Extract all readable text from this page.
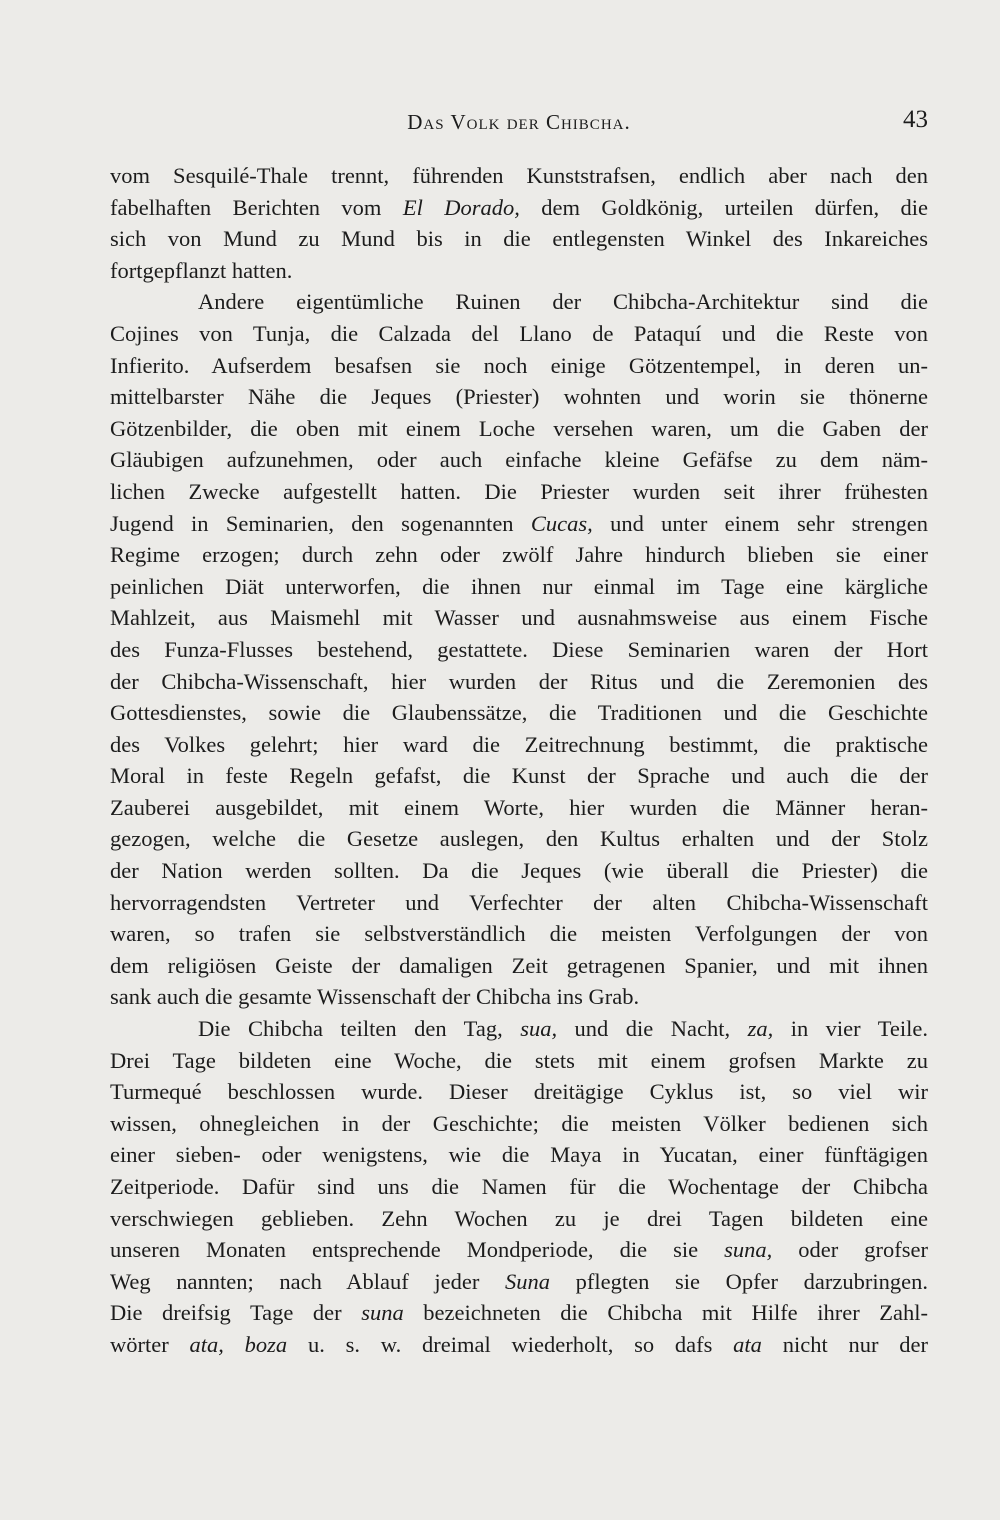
Das Volk der Chibcha.	43
vom Sesquilé-Thale trennt, führenden Kunststrafsen, endlich aber nach den
fabelhaften Berichten vom El Dorado, dem Goldkönig, urteilen dürfen, die
sich von Mund zu Mund bis in die entlegensten Winkel des Inkareiches
fortgepflanzt hatten.
Andere eigentümliche Ruinen der Chibcha-Architektur sind die
Cojines von Tunja, die Calzada del Llano de Pataquí und die Reste von
Infierito. Aufserdem besafsen sie noch einige Götzentempel, in deren un-
mittelbarster Nähe die Jeques (Priester) wohnten und worin sie thönerne
Götzenbilder, die oben mit einem Loche versehen waren, um die Gaben der
Gläubigen aufzunehmen, oder auch einfache kleine Gefäfse zu dem näm-
lichen Zwecke aufgestellt hatten. Die Priester wurden seit ihrer frühesten
Jugend in Seminarien, den sogenannten Cucas, und unter einem sehr strengen
Regime erzogen; durch zehn oder zwölf Jahre hindurch blieben sie einer
peinlichen Diät unterworfen, die ihnen nur einmal im Tage eine kärgliche
Mahlzeit, aus Maismehl mit Wasser und ausnahmsweise aus einem Fische
des Funza-Flusses bestehend, gestattete. Diese Seminarien waren der Hort
der Chibcha-Wissenschaft, hier wurden der Ritus und die Zeremonien des
Gottesdienstes, sowie die Glaubenssätze, die Traditionen und die Geschichte
des Volkes gelehrt; hier ward die Zeitrechnung bestimmt, die praktische
Moral in feste Regeln gefafst, die Kunst der Sprache und auch die der
Zauberei ausgebildet, mit einem Worte, hier wurden die Männer heran-
gezogen, welche die Gesetze auslegen, den Kultus erhalten und der Stolz
der Nation werden sollten. Da die Jeques (wie überall die Priester) die
hervorragendsten Vertreter und Verfechter der alten Chibcha-Wissenschaft
waren, so trafen sie selbstverständlich die meisten Verfolgungen der von
dem religiösen Geiste der damaligen Zeit getragenen Spanier, und mit ihnen
sank auch die gesamte Wissenschaft der Chibcha ins Grab.
Die Chibcha teilten den Tag, sua, und die Nacht, za, in vier Teile.
Drei Tage bildeten eine Woche, die stets mit einem grofsen Markte zu
Turmequé beschlossen wurde. Dieser dreitägige Cyklus ist, so viel wir
wissen, ohnegleichen in der Geschichte; die meisten Völker bedienen sich
einer sieben- oder wenigstens, wie die Maya in Yucatan, einer fünftägigen
Zeitperiode. Dafür sind uns die Namen für die Wochentage der Chibcha
verschwiegen geblieben. Zehn Wochen zu je drei Tagen bildeten eine
unseren Monaten entsprechende Mondperiode, die sie suna, oder grofser
Weg nannten; nach Ablauf jeder Suna pflegten sie Opfer darzubringen.
Die dreifsig Tage der suna bezeichneten die Chibcha mit Hilfe ihrer Zahl-
wörter ata, boza u. s. w. dreimal wiederholt, so dafs ata nicht nur der
